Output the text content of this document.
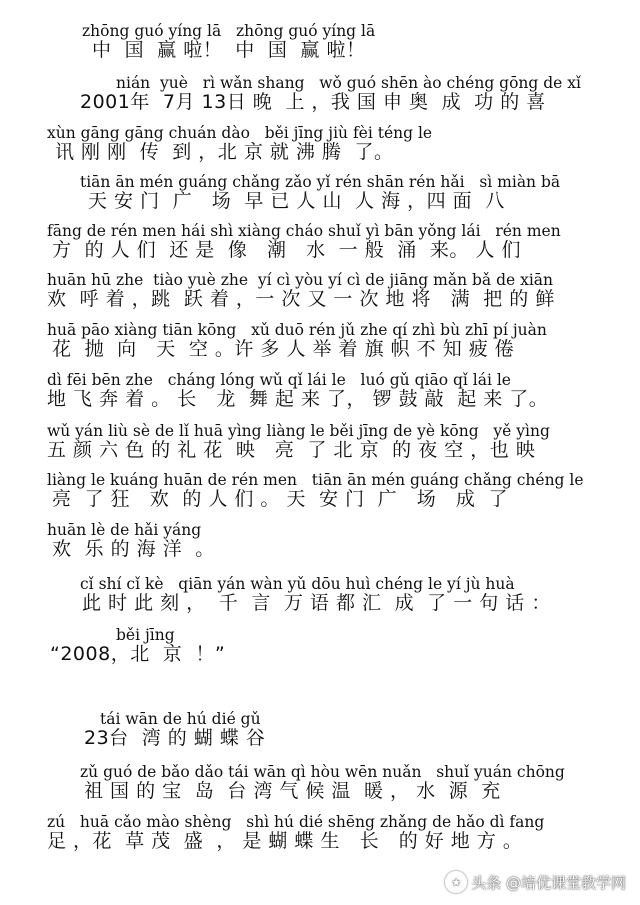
zhōng guó yíng lā   zhōng guó yíng lā
中  国  赢 啦！  中  国  赢 啦！
nián  yuè   rì wǎn shang   wǒ guó shēn ào chéng gōng de xǐ
2001年  7月 13日 晚  上 ，我 国 申 奥  成  功 的 喜
xùn gāng gāng chuán dào   běi jīng jiù fèi téng le
讯 刚 刚  传  到 ，北 京 就 沸 腾  了。
tiān ān mén guáng chǎng zǎo yǐ rén shān rén hǎi   sì miàn bā
天 安 门  广   场  早 已 人 山  人 海 ，四 面  八
fāng de rén men hái shì xiàng cháo shuǐ yì bān yǒng lái   rén men
方  的 人 们  还 是  像   潮   水  一 般  涌  来。 人 们
huān hū zhe  tiào yuè zhe  yí cì yòu yí cì de jiāng mǎn bǎ de xiān
欢  呼 着 ，跳  跃 着 ，一 次 又 一 次 地 将   满  把 的 鲜
huā pāo xiàng tiān kōng   xǔ duō rén jǔ zhe qí zhì bù zhī pí juàn
花  抛  向   天  空 。许 多 人 举 着 旗 帜 不 知 疲 倦
dì fēi bēn zhe   cháng lóng wǔ qǐ lái le   luó gǔ qiāo qǐ lái le
地 飞 奔 着 。 长   龙  舞 起 来 了， 锣 鼓 敲  起 来 了。
wǔ yán liù sè de lǐ huā yìng liàng le běi jīng de yè kōng   yě yìng
五 颜 六 色 的 礼 花  映   亮  了 北 京  的 夜 空 ，也 映
liàng le kuáng huān de rén men   tiān ān mén guáng chǎng chéng le
亮  了 狂   欢  的 人 们 。 天  安 门  广   场   成  了
huān lè de hǎi yáng
欢  乐 的 海 洋  。
cǐ shí cǐ kè   qiān yán wàn yǔ dōu huì chéng le yí jù huà
此 时 此 刻 ，  千  言  万 语 都 汇  成  了 一 句 话 ：
běi jīng
“2008，北  京  ！”
tái wān de hú dié gǔ
23台  湾 的 蝴 蝶 谷
zǔ guó de bǎo dǎo tái wān qì hòu wēn nuǎn   shuǐ yuán chōng
祖 国 的 宝  岛  台 湾 气 候 温  暖 ， 水  源  充
zú   huā cǎo mào shèng   shì hú dié shēng zhǎng de hǎo dì fang
足 ，花  草 茂  盛  ， 是 蝴 蝶 生   长   的 好 地 方 。
★ 头条 @培优课堂教学网
